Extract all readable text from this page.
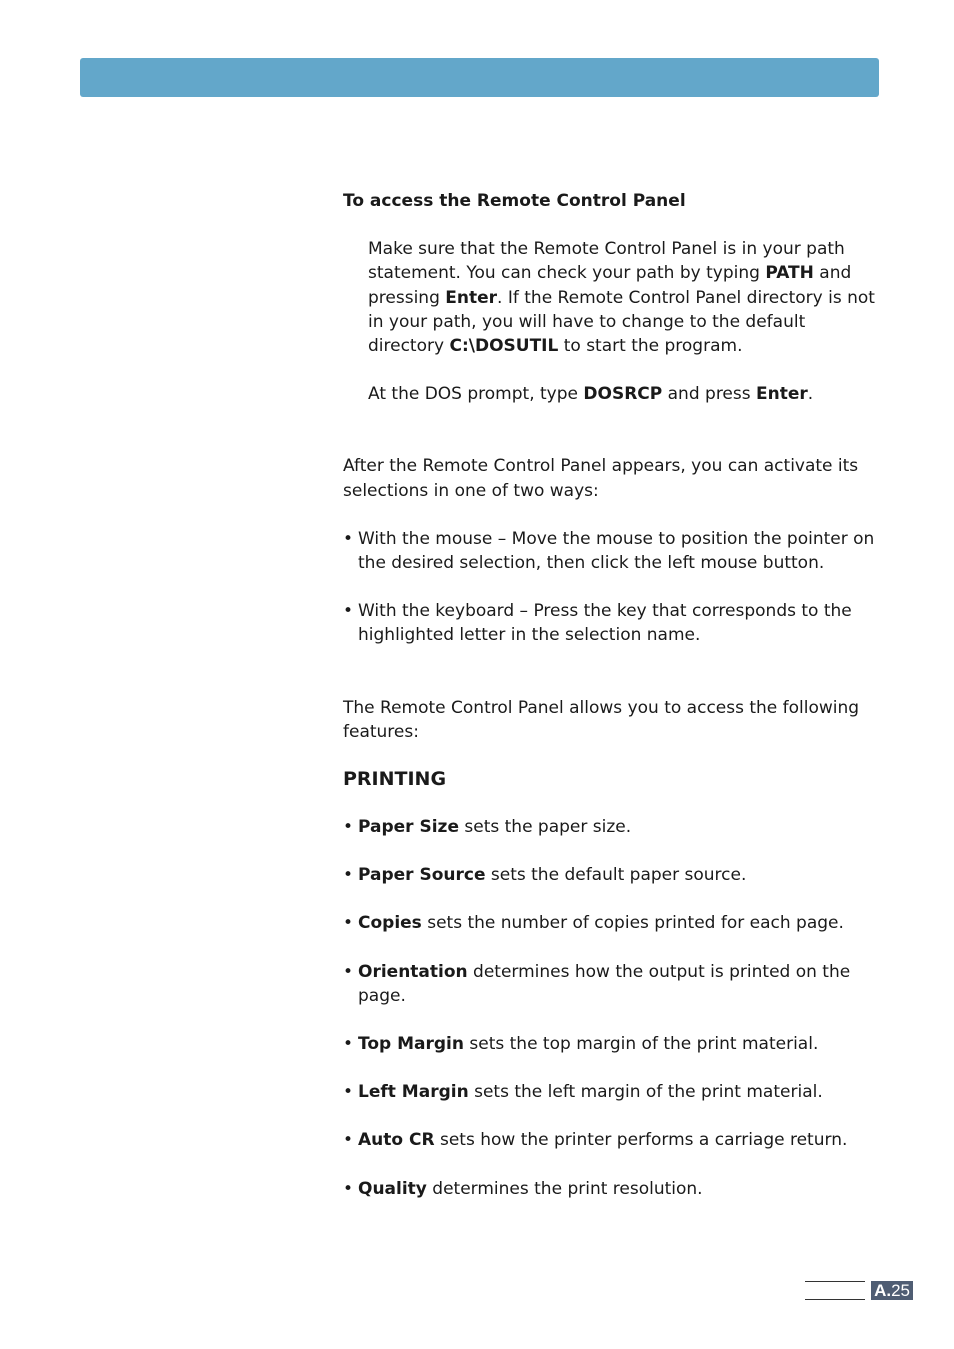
To access the Remote Control Panel

Make sure that the Remote Control Panel is in your path statement. You can check your path by typing PATH and pressing Enter. If the Remote Control Panel directory is not in your path, you will have to change to the default directory C:\DOSUTIL to start the program.

At the DOS prompt, type DOSRCP and press Enter.

After the Remote Control Panel appears, you can activate its selections in one of two ways:

• With the mouse – Move the mouse to position the pointer on the desired selection, then click the left mouse button.
• With the keyboard – Press the key that corresponds to the highlighted letter in the selection name.

The Remote Control Panel allows you to access the following features:

PRINTING
• Paper Size sets the paper size.
• Paper Source sets the default paper source.
• Copies sets the number of copies printed for each page.
• Orientation determines how the output is printed on the page.
• Top Margin sets the top margin of the print material.
• Left Margin sets the left margin of the print material.
• Auto CR sets how the printer performs a carriage return.
• Quality determines the print resolution.
A.25
